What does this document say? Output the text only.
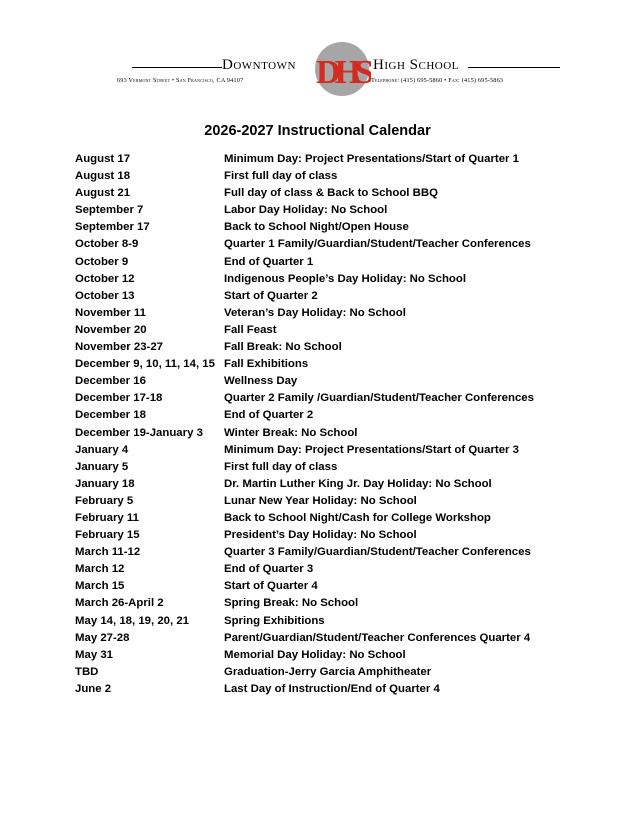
Downtown	High School
693 Vermont Street • San Francisco, CA 94107	Telephone: (415) 695-5860 • Fax: (415) 695-5863
DHS
2026-2027 Instructional Calendar
August 17	Minimum Day: Project Presentations/Start of Quarter 1
August 18	First full day of class
August 21	Full day of class & Back to School BBQ
September 7	Labor Day Holiday: No School
September 17	Back to School Night/Open House
October 8-9	Quarter 1 Family/Guardian/Student/Teacher Conferences
October 9	End of Quarter 1
October 12	Indigenous People’s Day Holiday: No School
October 13	Start of Quarter 2
November 11	Veteran’s Day Holiday: No School
November 20	Fall Feast
November 23-27	Fall Break: No School
December 9, 10, 11, 14, 15 Fall Exhibitions
December 16	Wellness Day
December 17-18	Quarter 2 Family /Guardian/Student/Teacher Conferences
December 18	End of Quarter 2
December 19-January 3 Winter Break: No School
January 4	Minimum Day: Project Presentations/Start of Quarter 3
January 5	First full day of class
January 18	Dr. Martin Luther King Jr. Day Holiday: No School
February 5	Lunar New Year Holiday: No School
February 11	Back to School Night/Cash for College Workshop
February 15	President’s Day Holiday: No School
March 11-12	Quarter 3 Family/Guardian/Student/Teacher Conferences
March 12	End of Quarter 3
March 15	Start of Quarter 4
March 26-April 2	Spring Break: No School
May 14, 18, 19, 20, 21	Spring Exhibitions
May 27-28	Parent/Guardian/Student/Teacher Conferences Quarter 4
May 31	Memorial Day Holiday: No School
TBD	Graduation-Jerry Garcia Amphitheater
June 2	Last Day of Instruction/End of Quarter 4
